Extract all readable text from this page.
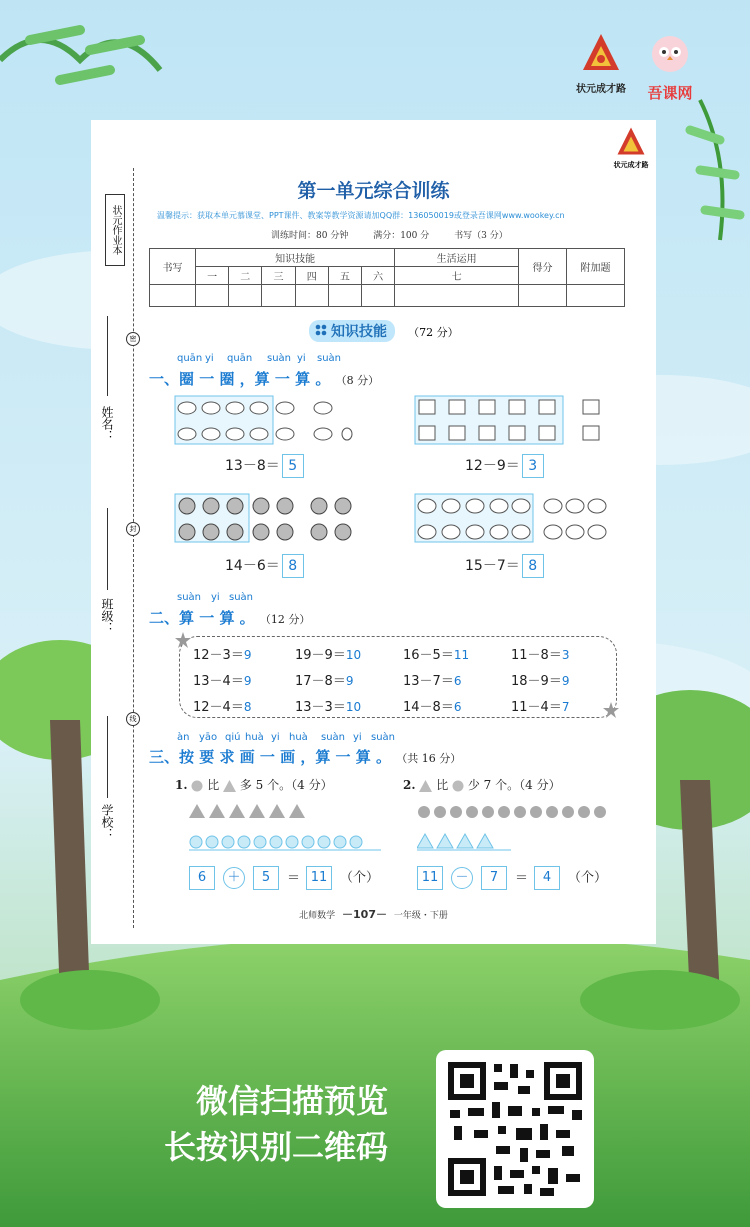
状元成才路	吾课网
状元成才路
状元作业本
姓名：
班级：
学校：
密
封
线
第一单元综合训练
温馨提示：获取本单元慕课堂、PPT课件、教案等教学资源请加QQ群：136050019或登录吾课网www.wookey.cn
训练时间：80 分钟	满分：100 分	书写（3 分）
书写	知识技能						生活运用	得分	附加题
	一	二	三	四	五	六	七		

知识技能 （72 分）
quān yi quān suàn yi suàn
一、圈 一 圈 ，算 一 算 。 （8 分）
13－8＝ 5	12－9＝ 3
14－6＝ 8	15－7＝ 8
suàn yi suàn
二、算 一 算 。 （12 分）
12－3＝9	19－9＝10	16－5＝11	11－8＝3
13－4＝9	17－8＝9	13－7＝6	18－9＝9
12－4＝8	13－3＝10	14－8＝6	11－4＝7
àn yāo qiú huà yi huà suàn yi suàn
三、按 要 求 画 一 画 ，算 一 算 。 （共 16 分）
1. 比 多 5 个。（4 分）	2. 比 少 7 个。（4 分）
6 ＋ 5 ＝ 11 （个）	11 － 7 ＝ 4 （个）
北师数学 －107－ 一年级・下册
微信扫描预览
长按识别二维码
